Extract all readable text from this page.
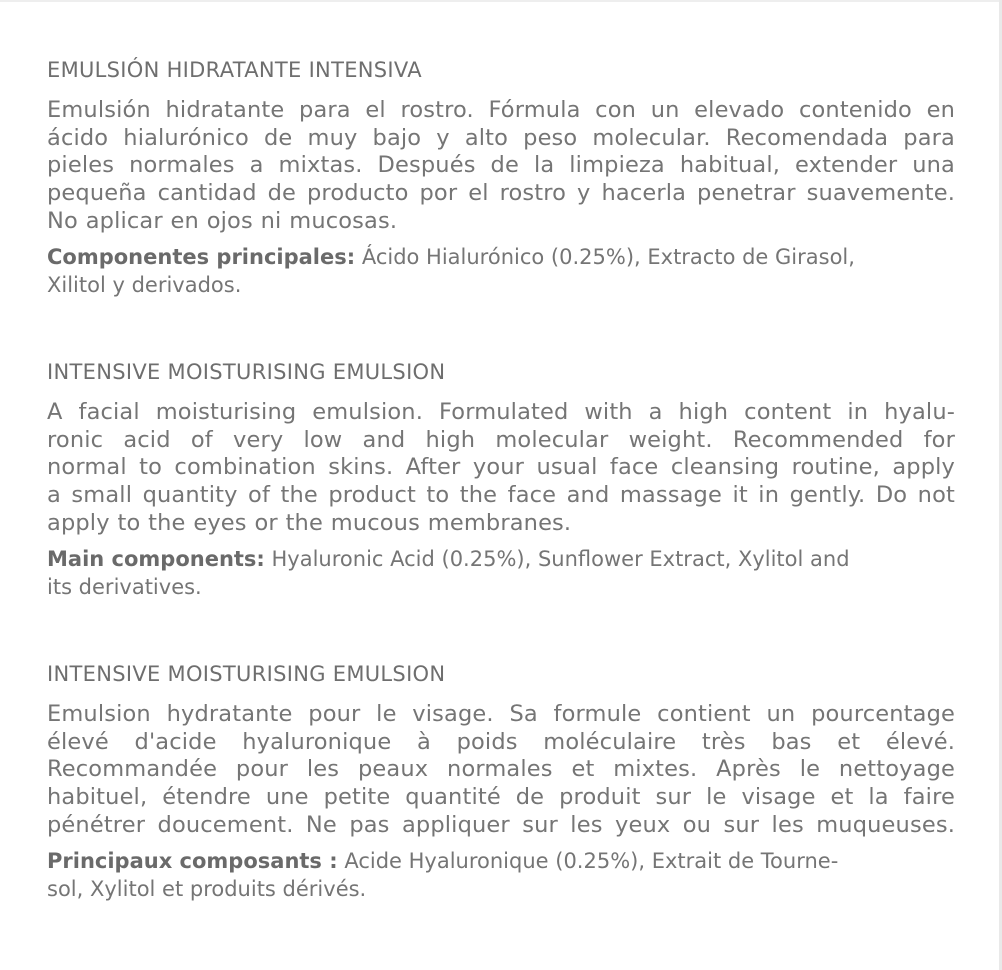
EMULSIÓN HIDRATANTE INTENSIVA
Emulsión hidratante para el rostro. Fórmula con un elevado contenido en
ácido hialurónico de muy bajo y alto peso molecular. Recomendada para
pieles normales a mixtas. Después de la limpieza habitual, extender una
pequeña cantidad de producto por el rostro y hacerla penetrar suavemente.
No aplicar en ojos ni mucosas.
Componentes principales: Ácido Hialurónico (0.25%), Extracto de Girasol,
Xilitol y derivados.
INTENSIVE MOISTURISING EMULSION
A facial moisturising emulsion. Formulated with a high content in hyalu-
ronic acid of very low and high molecular weight. Recommended for
normal to combination skins. After your usual face cleansing routine, apply
a small quantity of the product to the face and massage it in gently. Do not
apply to the eyes or the mucous membranes.
Main components: Hyaluronic Acid (0.25%), Sunflower Extract, Xylitol and
its derivatives.
INTENSIVE MOISTURISING EMULSION
Emulsion hydratante pour le visage. Sa formule contient un pourcentage
élevé d'acide hyaluronique à poids moléculaire très bas et élevé.
Recommandée pour les peaux normales et mixtes. Après le nettoyage
habituel, étendre une petite quantité de produit sur le visage et la faire
pénétrer doucement. Ne pas appliquer sur les yeux ou sur les muqueuses.
Principaux composants : Acide Hyaluronique (0.25%), Extrait de Tourne-
sol, Xylitol et produits dérivés.
